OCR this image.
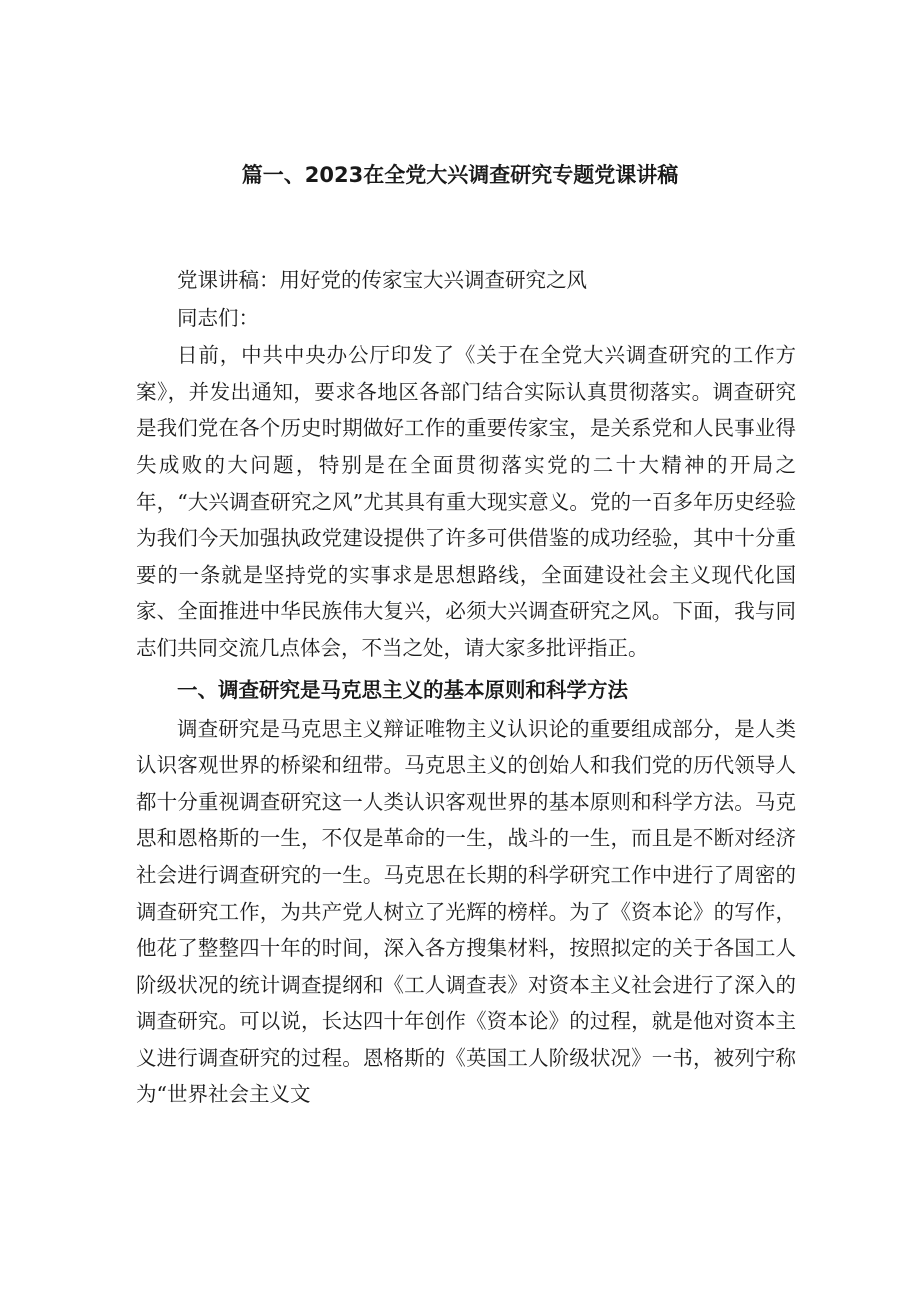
篇一、2023在全党大兴调查研究专题党课讲稿

党课讲稿：用好党的传家宝大兴调查研究之风

同志们：

日前，中共中央办公厅印发了《关于在全党大兴调查研究的工作方案》，并发出通知，要求各地区各部门结合实际认真贯彻落实。调查研究是我们党在各个历史时期做好工作的重要传家宝，是关系党和人民事业得失成败的大问题，特别是在全面贯彻落实党的二十大精神的开局之年，“大兴调查研究之风”尤其具有重大现实意义。党的一百多年历史经验为我们今天加强执政党建设提供了许多可供借鉴的成功经验，其中十分重要的一条就是坚持党的实事求是思想路线，全面建设社会主义现代化国家、全面推进中华民族伟大复兴，必须大兴调查研究之风。下面，我与同志们共同交流几点体会，不当之处，请大家多批评指正。

一、调查研究是马克思主义的基本原则和科学方法

调查研究是马克思主义辩证唯物主义认识论的重要组成部分，是人类认识客观世界的桥梁和纽带。马克思主义的创始人和我们党的历代领导人都十分重视调查研究这一人类认识客观世界的基本原则和科学方法。马克思和恩格斯的一生，不仅是革命的一生，战斗的一生，而且是不断对经济社会进行调查研究的一生。马克思在长期的科学研究工作中进行了周密的调查研究工作，为共产党人树立了光辉的榜样。为了《资本论》的写作，他花了整整四十年的时间，深入各方搜集材料，按照拟定的关于各国工人阶级状况的统计调查提纲和《工人调查表》对资本主义社会进行了深入的调查研究。可以说，长达四十年创作《资本论》的过程，就是他对资本主义进行调查研究的过程。恩格斯的《英国工人阶级状况》一书，被列宁称为“世界社会主义文
